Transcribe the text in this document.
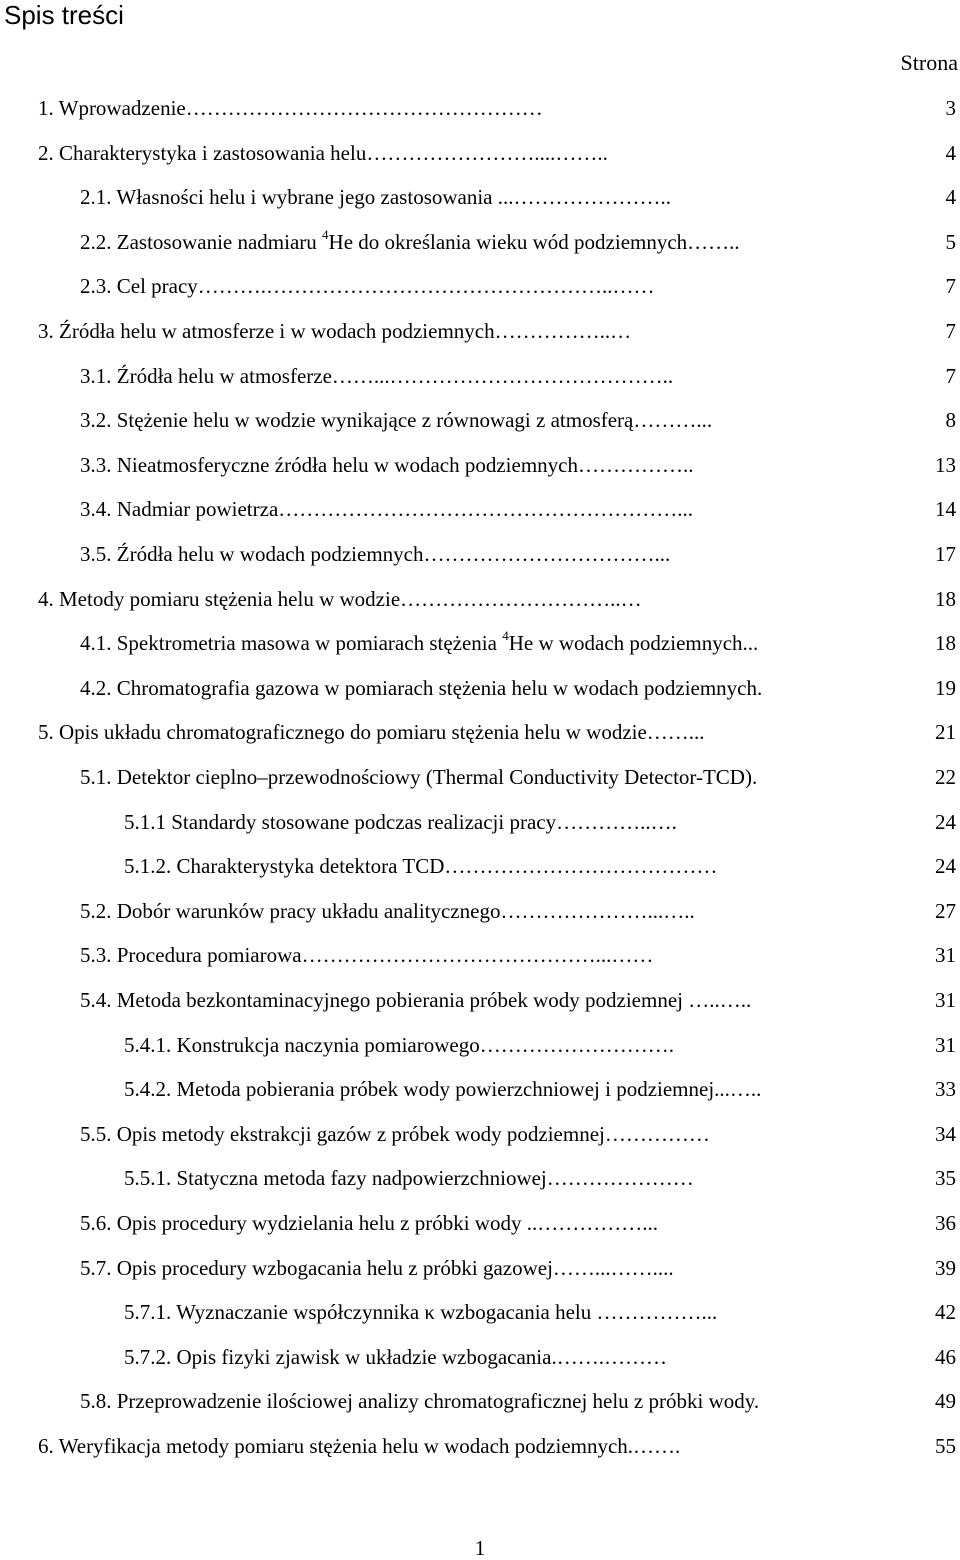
Spis treści
Strona
1. Wprowadzenie……………………………………………	3
2. Charakterystyka i zastosowania helu……………………....……..	4
2.1. Własności helu i wybrane jego zastosowania ...…………………..	4
2.2. Zastosowanie nadmiaru $^4$He do określania wieku wód podziemnych……..	5
2.3. Cel pracy……….…………………………………………..……	7
3. Źródła helu w atmosferze i w wodach podziemnych……………..…	7
3.1. Źródła helu w atmosferze……...…………………………………..	7
3.2. Stężenie helu w wodzie wynikające z równowagi z atmosferą………...	8
3.3. Nieatmosferyczne źródła helu w wodach podziemnych……………..	13
3.4. Nadmiar powietrza…………………………………………………...	14
3.5. Źródła helu w wodach podziemnych……………………………...	17
4. Metody pomiaru stężenia helu w wodzie…………………………..…	18
4.1. Spektrometria masowa w pomiarach stężenia $^4$He w wodach podziemnych...	18
4.2. Chromatografia gazowa w pomiarach stężenia helu w wodach podziemnych.	19
5. Opis układu chromatograficznego do pomiaru stężenia helu w wodzie……...	21
5.1. Detektor cieplno–przewodnościowy (Thermal Conductivity Detector-TCD).	22
5.1.1 Standardy stosowane podczas realizacji pracy…………..….	24
5.1.2. Charakterystyka detektora TCD…………………………………	24
5.2. Dobór warunków pracy układu analitycznego…………………...…..	27
5.3. Procedura pomiarowa……………………………………...……	31
5.4. Metoda bezkontaminacyjnego pobierania próbek wody podziemnej …..…..	31
5.4.1. Konstrukcja naczynia pomiarowego……………………….	31
5.4.2. Metoda pobierania próbek wody powierzchniowej i podziemnej...…..	33
5.5. Opis metody ekstrakcji gazów z próbek wody podziemnej……………	34
5.5.1. Statyczna metoda fazy nadpowierzchniowej…………………	35
5.6. Opis procedury wydzielania helu z próbki wody ..……………...	36
5.7. Opis procedury wzbogacania helu z próbki gazowej……...……....	39
5.7.1. Wyznaczanie współczynnika κ wzbogacania helu ……………...	42
5.7.2. Opis fizyki zjawisk w układzie wzbogacania.…….………	46
5.8. Przeprowadzenie ilościowej analizy chromatograficznej helu z próbki wody.	49
6. Weryfikacja metody pomiaru stężenia helu w wodach podziemnych.…….	55
1
